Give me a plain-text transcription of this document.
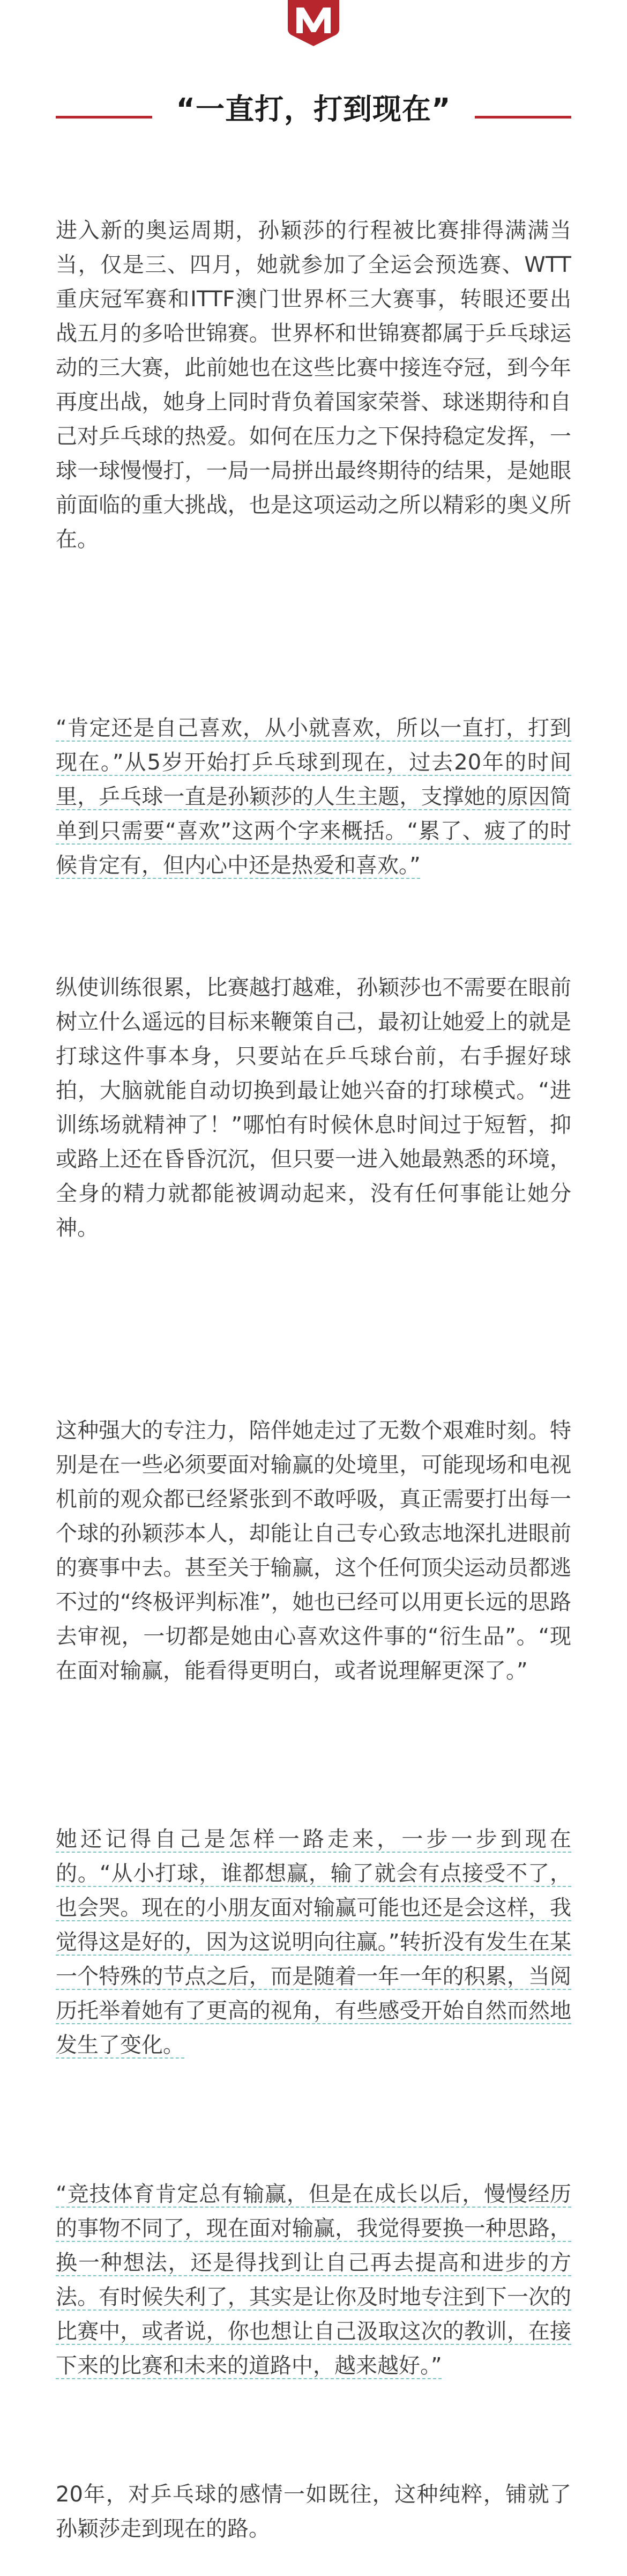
“一直打，打到现在”

进入新的奥运周期，孙颖莎的行程被比赛排得满满当当，仅是三、四月，她就参加了全运会预选赛、WTT重庆冠军赛和ITTF澳门世界杯三大赛事，转眼还要出战五月的多哈世锦赛。世界杯和世锦赛都属于乒乓球运动的三大赛，此前她也在这些比赛中接连夺冠，到今年再度出战，她身上同时背负着国家荣誉、球迷期待和自己对乒乓球的热爱。如何在压力之下保持稳定发挥，一球一球慢慢打，一局一局拼出最终期待的结果，是她眼前面临的重大挑战，也是这项运动之所以精彩的奥义所在。

“肯定还是自己喜欢，从小就喜欢，所以一直打，打到现在。”从5岁开始打乒乓球到现在，过去20年的时间里，乒乓球一直是孙颖莎的人生主题，支撑她的原因简单到只需要“喜欢”这两个字来概括。“累了、疲了的时候肯定有，但内心中还是热爱和喜欢。”

纵使训练很累，比赛越打越难，孙颖莎也不需要在眼前树立什么遥远的目标来鞭策自己，最初让她爱上的就是打球这件事本身，只要站在乒乓球台前，右手握好球拍，大脑就能自动切换到最让她兴奋的打球模式。“进训练场就精神了！”哪怕有时候休息时间过于短暂，抑或路上还在昏昏沉沉，但只要一进入她最熟悉的环境，全身的精力就都能被调动起来，没有任何事能让她分神。

这种强大的专注力，陪伴她走过了无数个艰难时刻。特别是在一些必须要面对输赢的处境里，可能现场和电视机前的观众都已经紧张到不敢呼吸，真正需要打出每一个球的孙颖莎本人，却能让自己专心致志地深扎进眼前的赛事中去。甚至关于输赢，这个任何顶尖运动员都逃不过的“终极评判标准”，她也已经可以用更长远的思路去审视，一切都是她由心喜欢这件事的“衍生品”。“现在面对输赢，能看得更明白，或者说理解更深了。”

她还记得自己是怎样一路走来，一步一步到现在的。“从小打球，谁都想赢，输了就会有点接受不了，也会哭。现在的小朋友面对输赢可能也还是会这样，我觉得这是好的，因为这说明向往赢。”转折没有发生在某一个特殊的节点之后，而是随着一年一年的积累，当阅历托举着她有了更高的视角，有些感受开始自然而然地发生了变化。

“竞技体育肯定总有输赢，但是在成长以后，慢慢经历的事物不同了，现在面对输赢，我觉得要换一种思路，换一种想法，还是得找到让自己再去提高和进步的方法。有时候失利了，其实是让你及时地专注到下一次的比赛中，或者说，你也想让自己汲取这次的教训，在接下来的比赛和未来的道路中，越来越好。”

20年，对乒乓球的感情一如既往，这种纯粹，铺就了孙颖莎走到现在的路。
